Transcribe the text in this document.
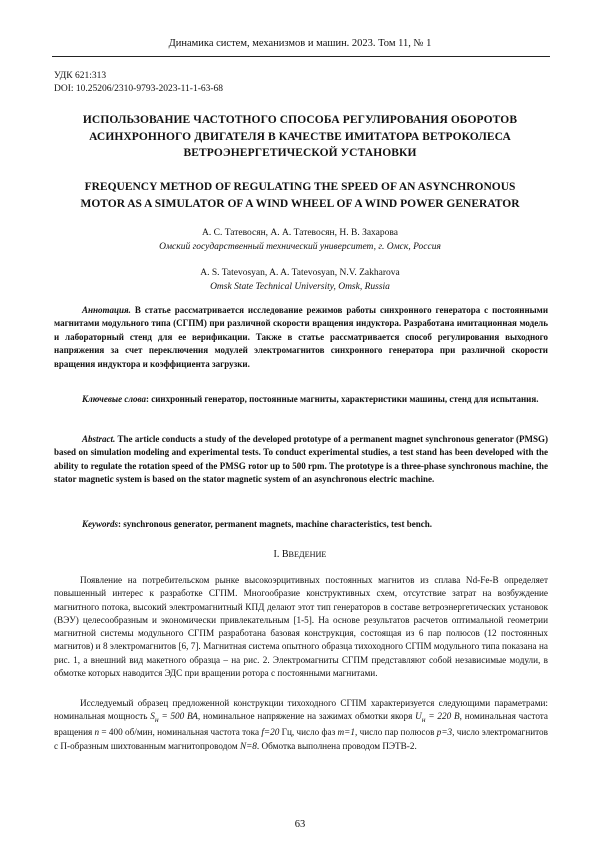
Динамика систем, механизмов и машин. 2023. Том 11, № 1
УДК 621:313
DOI: 10.25206/2310-9793-2023-11-1-63-68
ИСПОЛЬЗОВАНИЕ ЧАСТОТНОГО СПОСОБА РЕГУЛИРОВАНИЯ ОБОРОТОВ
АСИНХРОННОГО ДВИГАТЕЛЯ В КАЧЕСТВЕ ИМИТАТОРА ВЕТРОКОЛЕСА
ВЕТРОЭНЕРГЕТИЧЕСКОЙ УСТАНОВКИ
FREQUENCY METHOD OF REGULATING THE SPEED OF AN ASYNCHRONOUS
MOTOR AS A SIMULATOR OF A WIND WHEEL OF A WIND POWER GENERATOR
А. С. Татевосян, А. А. Татевосян, Н. В. Захарова
Омский государственный технический университет, г. Омск, Россия
A. S. Tatevosyan, A. A. Tatevosyan, N.V. Zakharova
Omsk State Technical University, Omsk, Russia
Аннотация. В статье рассматривается исследование режимов работы синхронного генератора с постоянными магнитами модульного типа (СГПМ) при различной скорости вращения индуктора. Разработана имитационная модель и лабораторный стенд для ее верификации. Также в статье рассматривается способ регулирования выходного напряжения за счет переключения модулей электромагнитов синхронного генератора при различной скорости вращения индуктора и коэффициента загрузки.
Ключевые слова: синхронный генератор, постоянные магниты, характеристики машины, стенд для испытания.
Abstract. The article conducts a study of the developed prototype of a permanent magnet synchronous generator (PMSG) based on simulation modeling and experimental tests. To conduct experimental studies, a test stand has been developed with the ability to regulate the rotation speed of the PMSG rotor up to 500 rpm. The prototype is a three-phase synchronous machine, the stator magnetic system is based on the stator magnetic system of an asynchronous electric machine.
Keywords: synchronous generator, permanent magnets, machine characteristics, test bench.
I. ВВЕДЕНИЕ
Появление на потребительском рынке высокоэрцитивных постоянных магнитов из сплава Nd-Fe-B определяет повышенный интерес к разработке СГПМ. Многообразие конструктивных схем, отсутствие затрат на возбуждение магнитного потока, высокий электромагнитный КПД делают этот тип генераторов в составе ветроэнергетических установок (ВЭУ) целесообразным и экономически привлекательным [1-5]. На основе результатов расчетов оптимальной геометрии магнитной системы модульного СГПМ разработана базовая конструкция, состоящая из 6 пар полюсов (12 постоянных магнитов) и 8 электромагнитов [6, 7]. Магнитная система опытного образца тихоходного СГПМ модульного типа показана на рис. 1, а внешний вид макетного образца – на рис. 2. Электромагниты СГПМ представляют собой независимые модули, в обмотке которых наводится ЭДС при вращении ротора с постоянными магнитами.
Исследуемый образец предложенной конструкции тихоходного СГПМ характеризуется следующими параметрами: номинальная мощность $S_н = 500$ ВА, номинальное напряжение на зажимах обмотки якоря $U_н = 220$ В, номинальная частота вращения n = 400 об/мин, номинальная частота тока f=20 Гц, число фаз m=1, число пар полюсов p=3, число электромагнитов с П-образным шихтованным магнитопроводом N=8. Обмотка выполнена проводом ПЭТВ-2.
63
